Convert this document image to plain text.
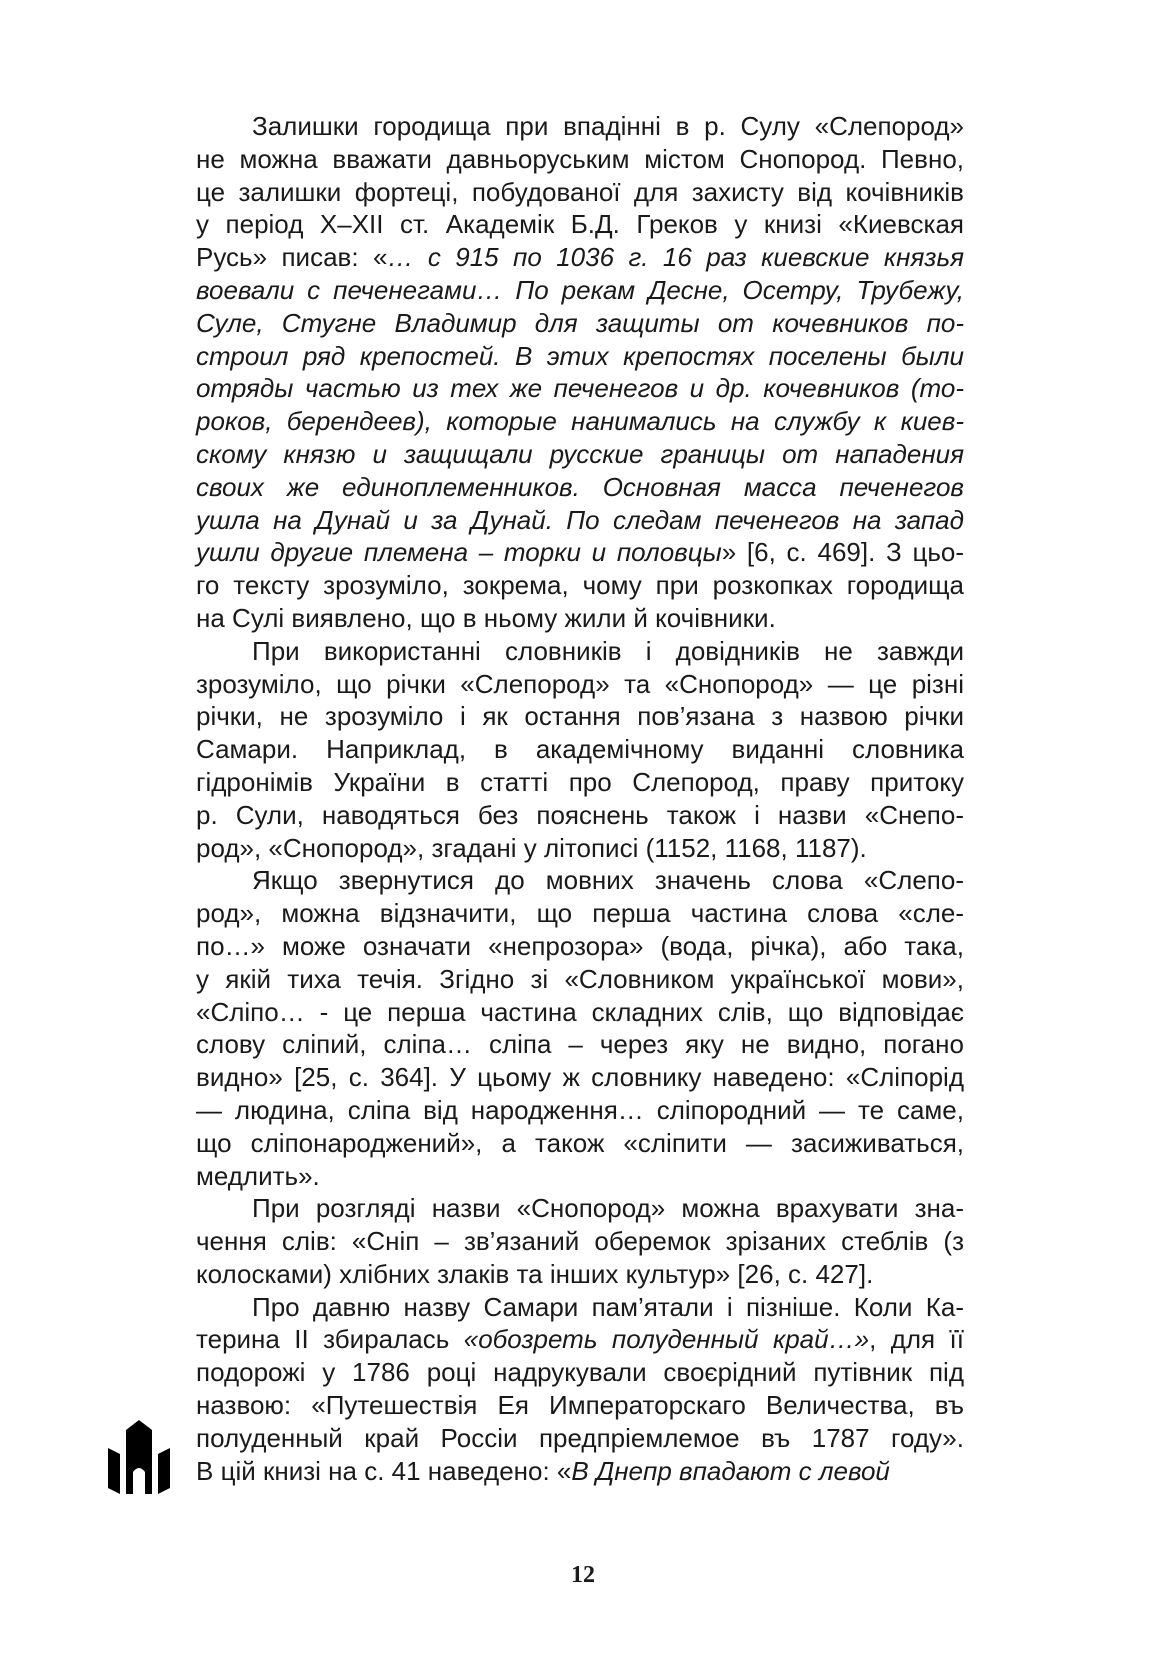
Залишки городища при впадінні в р. Сулу «Слепород»
не можна вважати давньоруським містом Снопород. Певно,
це залишки фортеці, побудованої для захисту від кочівників
у період Х–ХІІ ст. Академік Б.Д. Греков у книзі «Киевская
Русь» писав: «… с 915 по 1036 г. 16 раз киевские князья
воевали с печенегами… По рекам Десне, Осетру, Трубежу,
Суле, Стугне Владимир для защиты от кочевников по-
строил ряд крепостей. В этих крепостях поселены были
отряды частью из тех же печенегов и др. кочевников (то-
роков, берендеев), которые нанимались на службу к киев-
скому князю и защищали русские границы от нападения
своих же единоплеменников. Основная масса печенегов
ушла на Дунай и за Дунай. По следам печенегов на запад
ушли другие племена – торки и половцы» [6, с. 469]. З цьо-
го тексту зрозуміло, зокрема, чому при розкопках городища
на Сулі виявлено, що в ньому жили й кочівники.

При використанні словників і довідників не завжди
зрозуміло, що річки «Слепород» та «Снопород» — це різні
річки, не зрозуміло і як остання пов’язана з назвою річки
Самари. Наприклад, в академічному виданні словника
гідронімів України в статті про Слепород, праву притоку
р. Сули, наводяться без пояснень також і назви «Снепо-
род», «Снопород», згадані у літописі (1152, 1168, 1187).

Якщо звернутися до мовних значень слова «Слепо-
род», можна відзначити, що перша частина слова «сле-
по…» може означати «непрозора» (вода, річка), або така,
у якій тиха течія. Згідно зі «Словником української мови»,
«Сліпо… - це перша частина складних слів, що відповідає
слову сліпий, сліпа… сліпа – через яку не видно, погано
видно» [25, с. 364]. У цьому ж словнику наведено: «Сліпорід
— людина, сліпа від народження… сліпородний — те саме,
що сліпонароджений», а також «сліпити — засиживаться,
медлить».

При розгляді назви «Снопород» можна врахувати зна-
чення слів: «Сніп – зв’язаний оберемок зрізаних стеблів (з
колосками) хлібних злаків та інших культур» [26, с. 427].

Про давню назву Самари пам’ятали і пізніше. Коли Ка-
терина ІІ збиралась «обозреть полуденный край…», для її
подорожі у 1786 році надрукували своєрідний путівник під
назвою: «Путешествія Ея Императорскаго Величества, въ
полуденный край Россіи предпріемлемое въ 1787 году».
В цій книзі на с. 41 наведено: «В Днепр впадают с левой

12
